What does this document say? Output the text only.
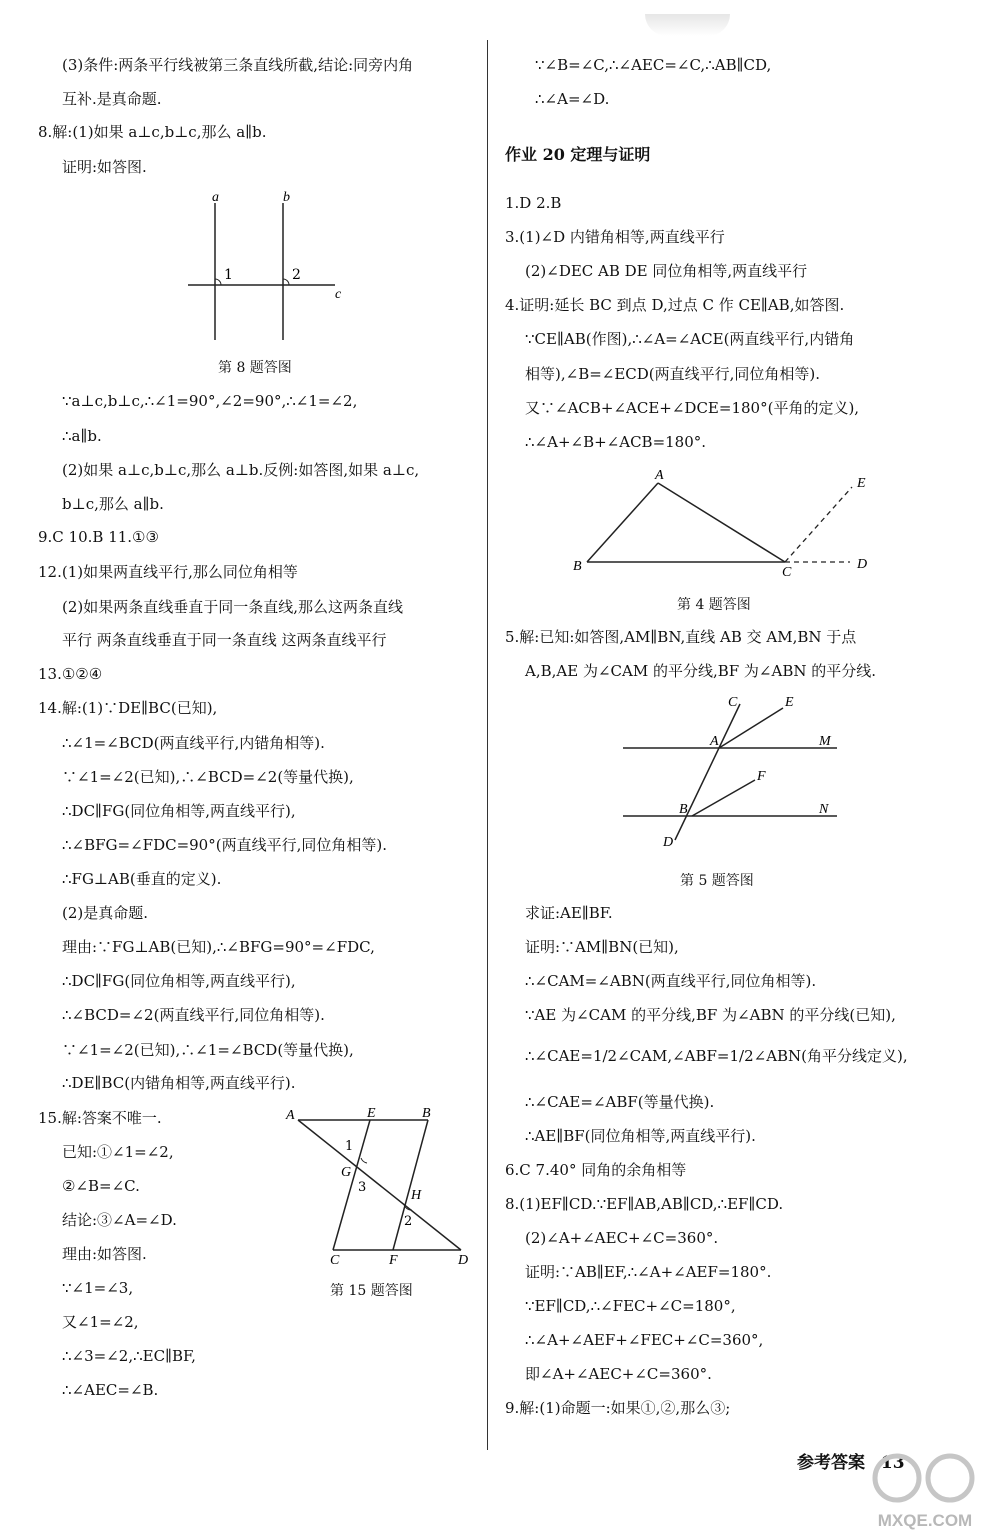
(3)条件:两条平行线被第三条直线所截,结论:同旁内角
互补.是真命题.
8.解:(1)如果 a⊥c,b⊥c,那么 a∥b.
证明:如答图.
a	b
1	2
c
第 8 题答图
∵a⊥c,b⊥c,∴∠1=90°,∠2=90°,∴∠1=∠2,
∴a∥b.
(2)如果 a⊥c,b⊥c,那么 a⊥b.反例:如答图,如果 a⊥c,
b⊥c,那么 a∥b.
9.C 10.B 11.①③
12.(1)如果两直线平行,那么同位角相等
(2)如果两条直线垂直于同一条直线,那么这两条直线
平行 两条直线垂直于同一条直线 这两条直线平行
13.①②④
14.解:(1)∵DE∥BC(已知),
∴∠1=∠BCD(两直线平行,内错角相等).
∵∠1=∠2(已知),∴∠BCD=∠2(等量代换),
∴DC∥FG(同位角相等,两直线平行),
∴∠BFG=∠FDC=90°(两直线平行,同位角相等).
∴FG⊥AB(垂直的定义).
(2)是真命题.
理由:∵FG⊥AB(已知),∴∠BFG=90°=∠FDC,
∴DC∥FG(同位角相等,两直线平行),
∴∠BCD=∠2(两直线平行,同位角相等).
∵∠1=∠2(已知),∴∠1=∠BCD(等量代换),
∴DE∥BC(内错角相等,两直线平行).
15.解:答案不唯一.
已知:①∠1=∠2,
②∠B=∠C.
结论:③∠A=∠D.
理由:如答图.
∵∠1=∠3,
又∠1=∠2,
∴∠3=∠2,∴EC∥BF,
∴∠AEC=∠B.
A	E	B
1
G
3
H
2
C	F	D
第 15 题答图
∵∠B=∠C,∴∠AEC=∠C,∴AB∥CD,
∴∠A=∠D.
作业 20 定理与证明
1.D 2.B
3.(1)∠D 内错角相等,两直线平行
(2)∠DEC AB DE 同位角相等,两直线平行
4.证明:延长 BC 到点 D,过点 C 作 CE∥AB,如答图.
∵CE∥AB(作图),∴∠A=∠ACE(两直线平行,内错角
相等),∠B=∠ECD(两直线平行,同位角相等).
又∵∠ACB+∠ACE+∠DCE=180°(平角的定义),
∴∠A+∠B+∠ACB=180°.
A
E
B	C
D
第 4 题答图
5.解:已知:如答图,AM∥BN,直线 AB 交 AM,BN 于点
A,B,AE 为∠CAM 的平分线,BF 为∠ABN 的平分线.
C	E
A	M
F
B	N
D
第 5 题答图
求证:AE∥BF.
证明:∵AM∥BN(已知),
∴∠CAM=∠ABN(两直线平行,同位角相等).
∵AE 为∠CAM 的平分线,BF 为∠ABN 的平分线(已知),
∴∠CAE=1/2∠CAM,∠ABF=1/2∠ABN(角平分线定义),
∴∠CAE=∠ABF(等量代换).
∴AE∥BF(同位角相等,两直线平行).
6.C 7.40° 同角的余角相等
8.(1)EF∥CD.∵EF∥AB,AB∥CD,∴EF∥CD.
(2)∠A+∠AEC+∠C=360°.
证明:∵AB∥EF,∴∠A+∠AEF=180°.
∵EF∥CD,∴∠FEC+∠C=180°,
∴∠A+∠AEF+∠FEC+∠C=360°,
即∠A+∠AEC+∠C=360°.
9.解:(1)命题一:如果①,②,那么③;
参考答案 13
MXQE.COM
